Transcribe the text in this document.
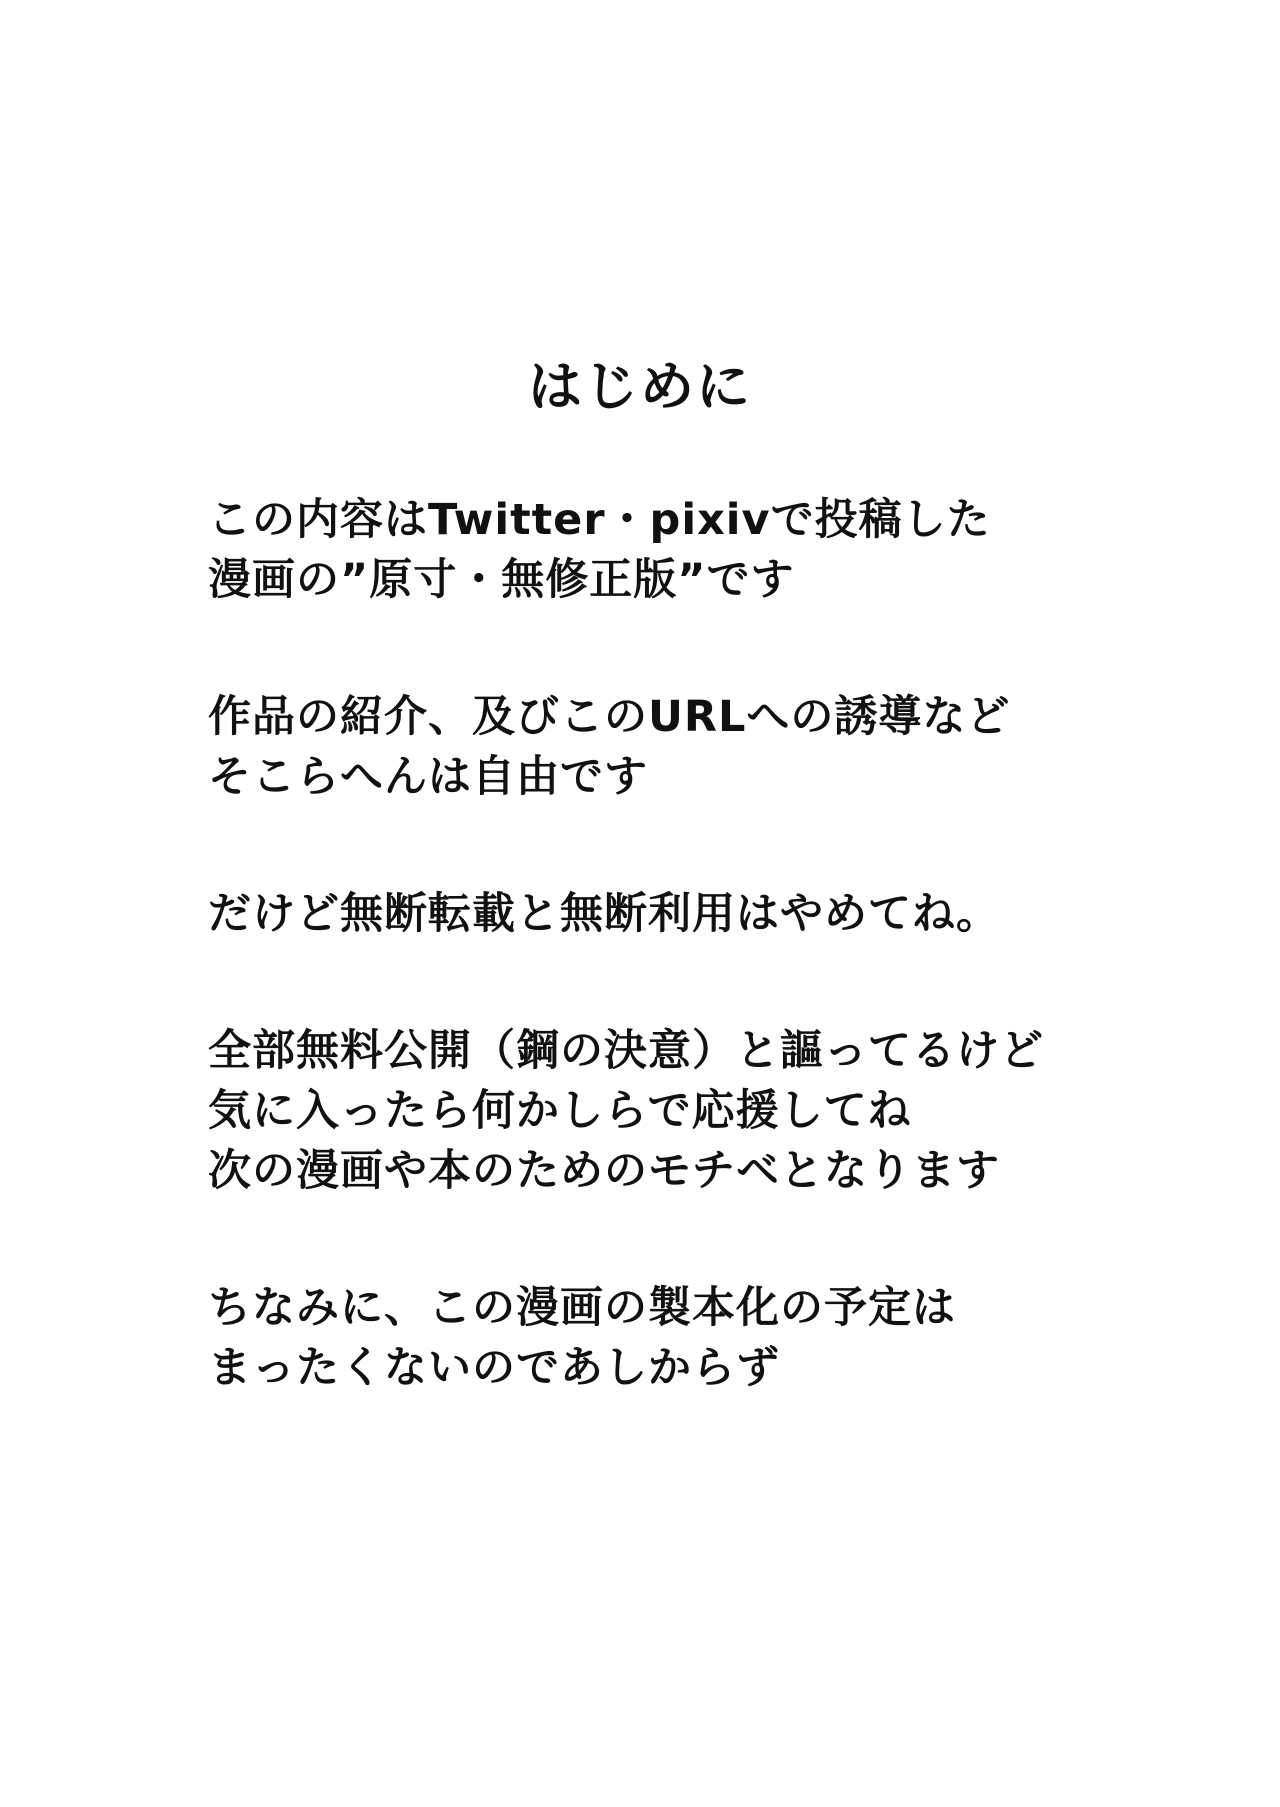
はじめに
この内容はTwitter・pixivで投稿した
漫画の”原寸・無修正版”です
作品の紹介、及びこのURLへの誘導など
そこらへんは自由です
だけど無断転載と無断利用はやめてね。
全部無料公開（鋼の決意）と謳ってるけど
気に入ったら何かしらで応援してね
次の漫画や本のためのモチベとなります
ちなみに、この漫画の製本化の予定は
まったくないのであしからず
